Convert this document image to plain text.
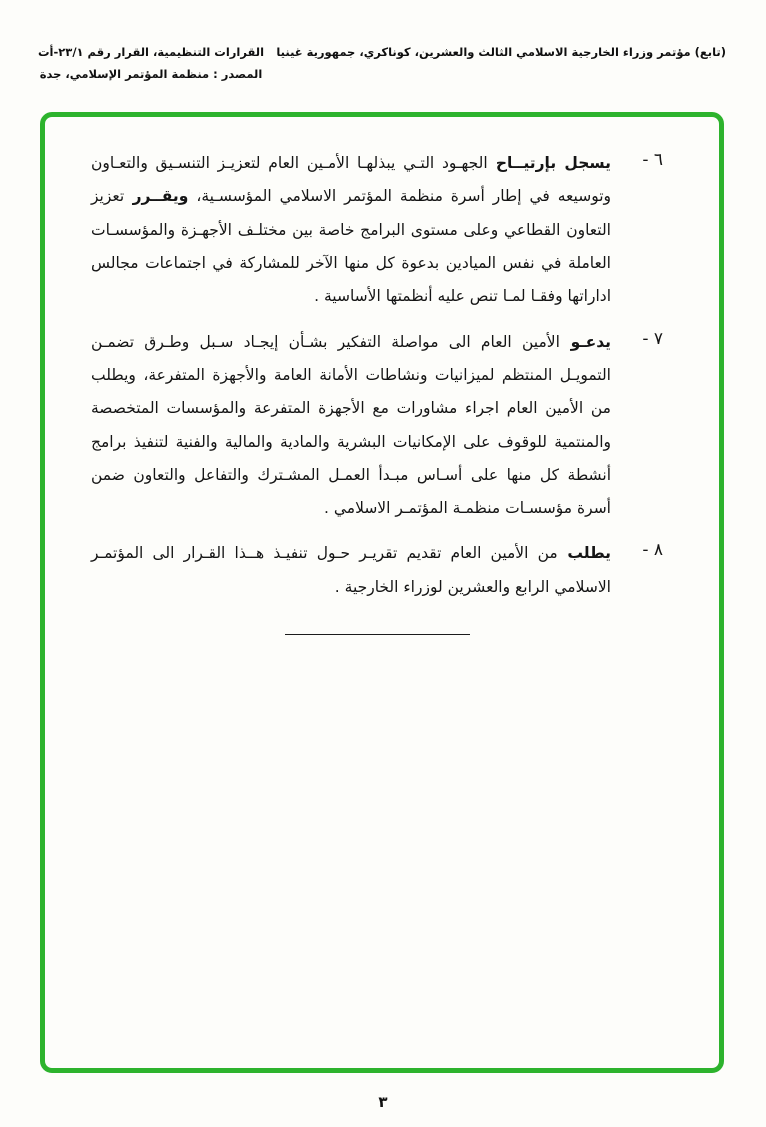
(تابع) مؤتمر وزراء الخارجية الاسلامي الثالث والعشرين، كوناكري، جمهورية غينيا
القرارات التنظيمية، القرار رقم ٢٣/١-أت
المصدر : منظمة المؤتمر الإسلامي، جدة
٦ -
يسجل بإرتيــاح الجهـود التـي يبذلهـا الأمـين العام لتعزيـز التنسـيق والتعـاون وتوسيعه في إطار أسرة منظمة المؤتمر الاسلامي المؤسسـية، ويقــرر تعزيز التعاون القطاعي وعلى مستوى البرامج خاصة بين مختلـف الأجهـزة والمؤسسـات العاملة في نفس الميادين بدعوة كل منها الآخر للمشاركة في اجتماعات مجالس اداراتها وفقـا لمـا تنص عليه أنظمتها الأساسية .
٧ -
يدعـو الأمين العام الى مواصلة التفكير بشـأن إيجـاد سـبل وطـرق تضمـن التمويـل المنتظم لميزانيات ونشاطات الأمانة العامة والأجهزة المتفرعة، ويطلب من الأمين العام اجراء مشاورات مع الأجهزة المتفرعة والمؤسسات المتخصصة والمنتمية للوقوف على الإمكانيات البشرية والمادية والمالية والفنية لتنفيذ برامج أنشطة كل منها على أسـاس مبـدأ العمـل المشـترك والتفاعل والتعاون ضمن أسرة مؤسسـات منظمـة المؤتمـر الاسلامي .
٨ -
يطلب من الأمين العام تقديم تقريـر حـول تنفيـذ هــذا القـرار الى المؤتمـر الاسلامي الرابع والعشرين لوزراء الخارجية .
٣
